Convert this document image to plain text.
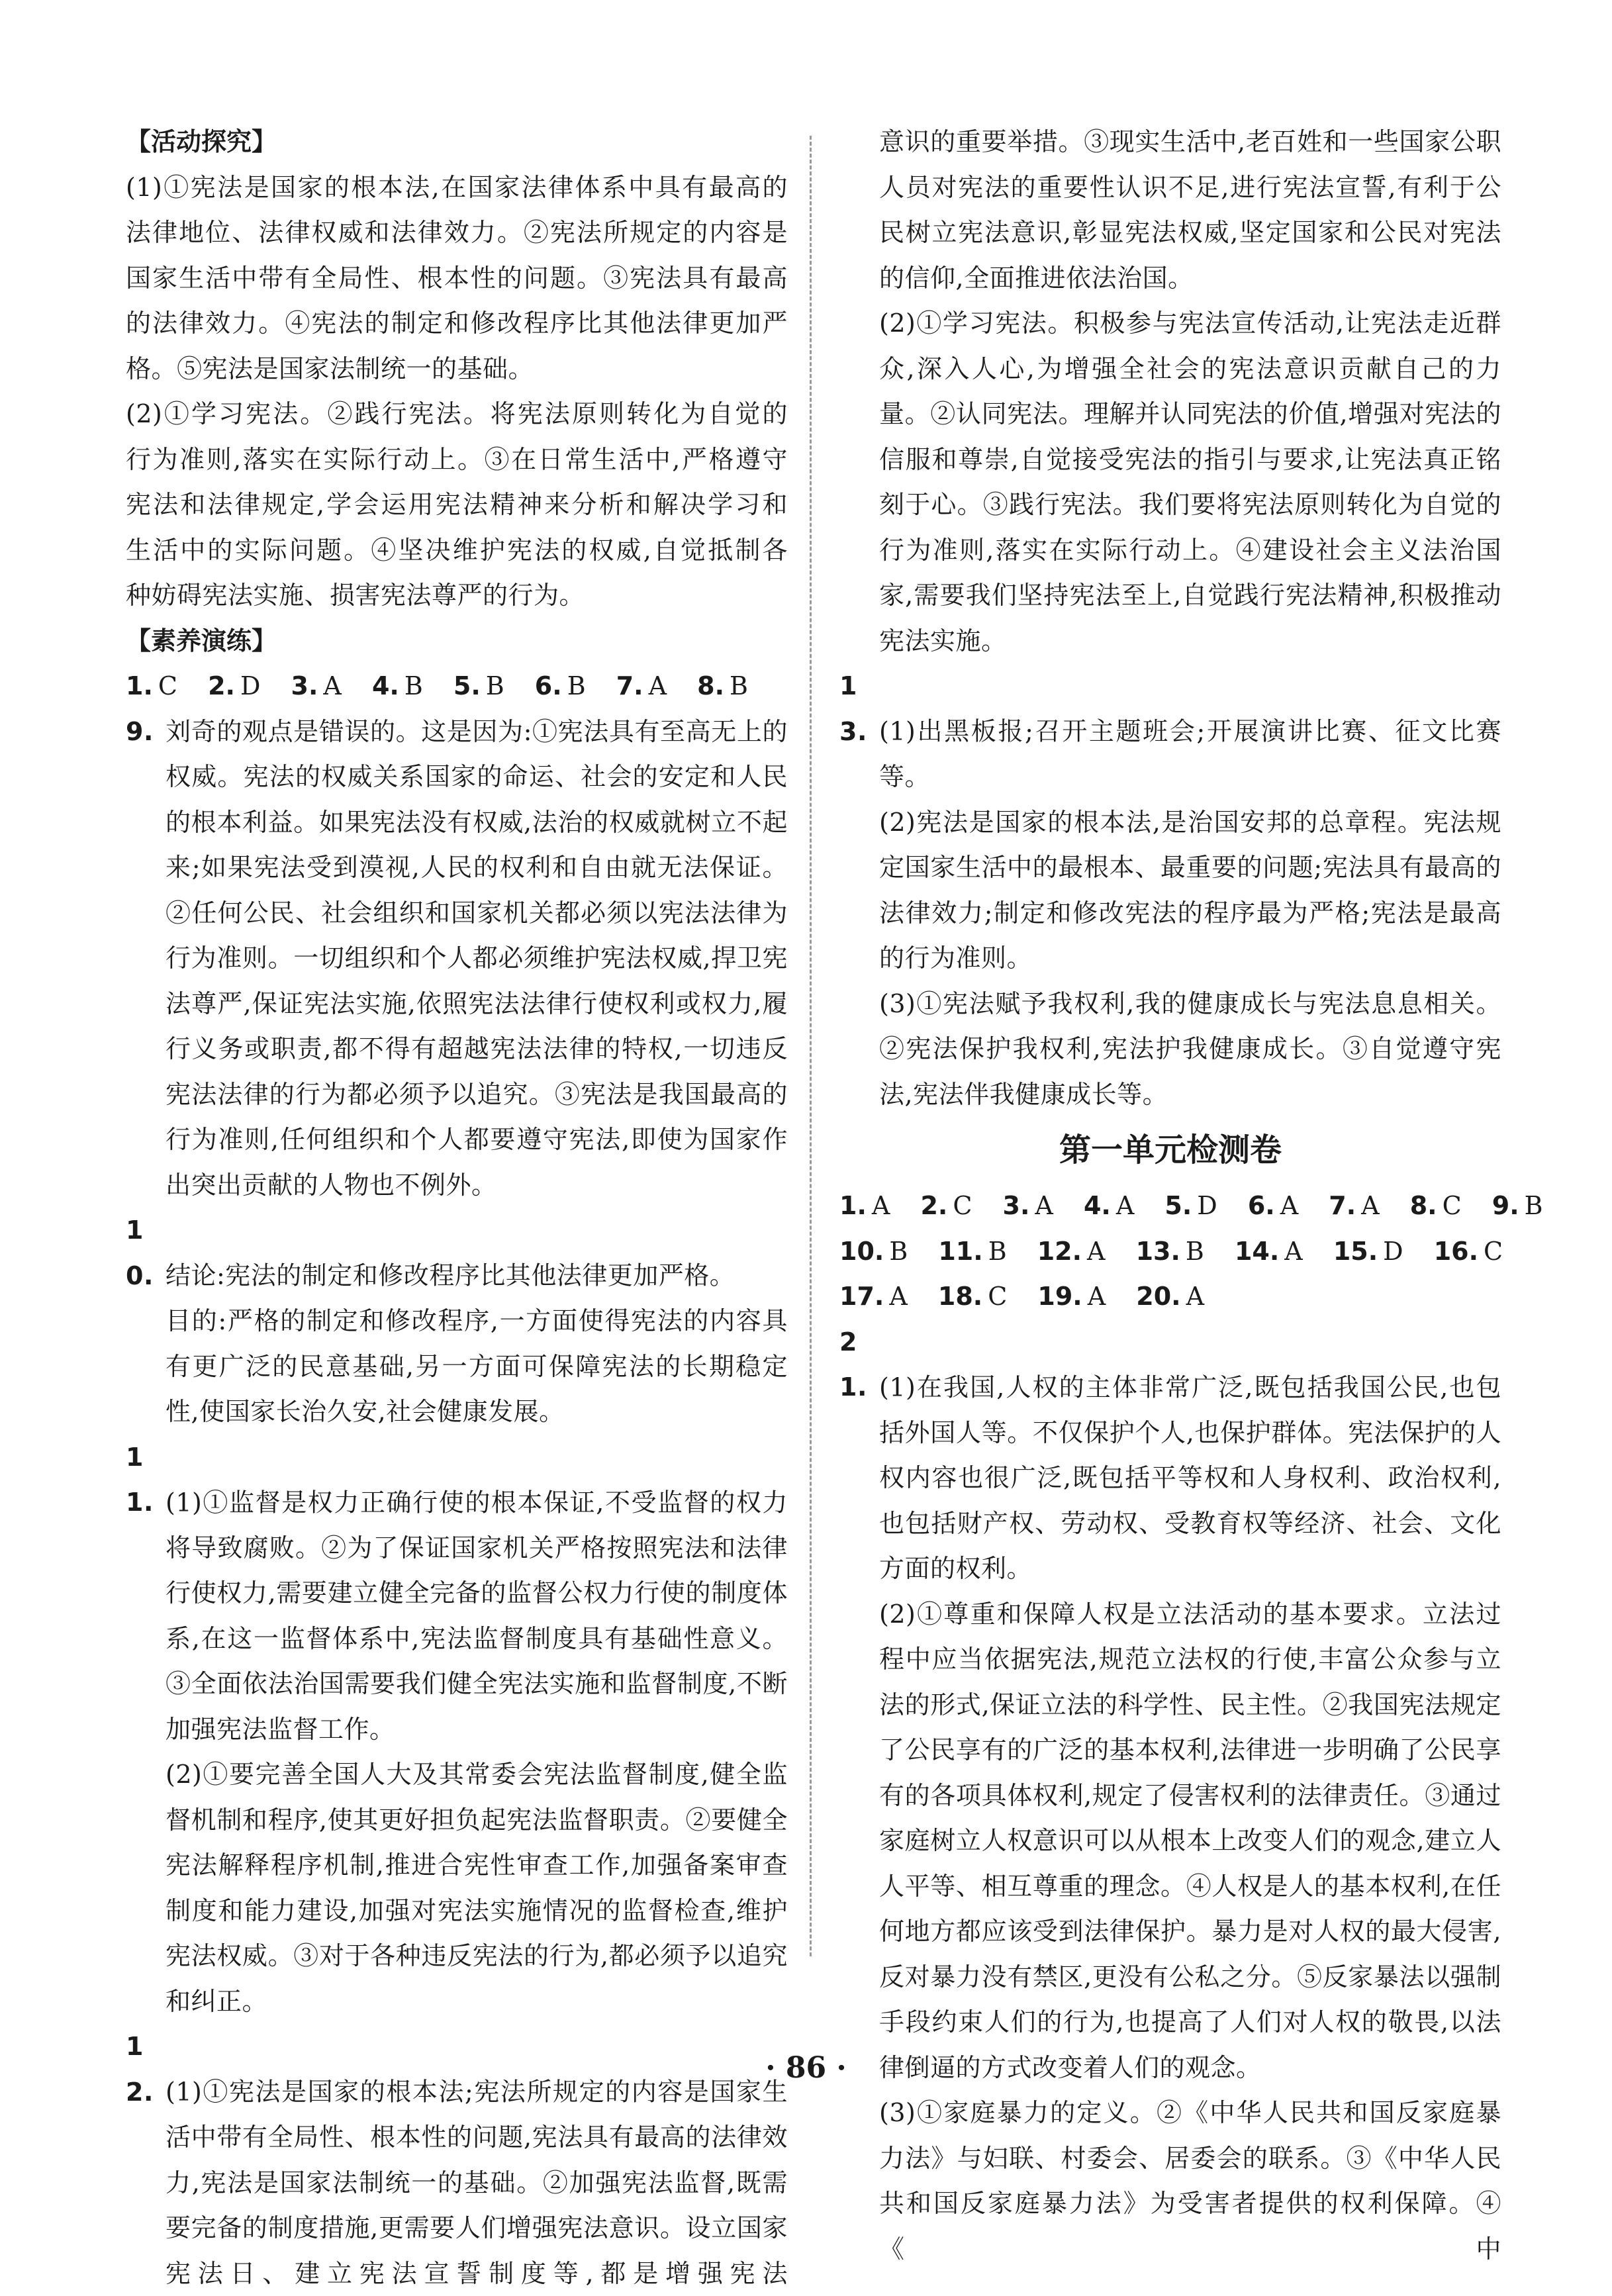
【活动探究】

(1)①宪法是国家的根本法,在国家法律体系中具有最高的

法律地位、法律权威和法律效力。②宪法所规定的内容是

国家生活中带有全局性、根本性的问题。③宪法具有最高

的法律效力。④宪法的制定和修改程序比其他法律更加严

格。⑤宪法是国家法制统一的基础。

(2)①学习宪法。②践行宪法。将宪法原则转化为自觉的

行为准则,落实在实际行动上。③在日常生活中,严格遵守

宪法和法律规定,学会运用宪法精神来分析和解决学习和

生活中的实际问题。④坚决维护宪法的权威,自觉抵制各

种妨碍宪法实施、损害宪法尊严的行为。

【素养演练】

1. C 2. D 3. A 4. B 5. B 6. B 7. A 8. B

9. 刘奇的观点是错误的。这是因为:①宪法具有至高无上的权威。宪法的权威关系国家的命运、社会的安定和人民的根本利益。如果宪法没有权威,法治的权威就树立不起来;如果宪法受到漠视,人民的权利和自由就无法保证。②任何公民、社会组织和国家机关都必须以宪法法律为行为准则。一切组织和个人都必须维护宪法权威,捍卫宪法尊严,保证宪法实施,依照宪法法律行使权利或权力,履行义务或职责,都不得有超越宪法法律的特权,一切违反宪法法律的行为都必须予以追究。③宪法是我国最高的行为准则,任何组织和个人都要遵守宪法,即使为国家作出突出贡献的人物也不例外。

10. 结论:宪法的制定和修改程序比其他法律更加严格。

目的:严格的制定和修改程序,一方面使得宪法的内容具有更广泛的民意基础,另一方面可保障宪法的长期稳定性,使国家长治久安,社会健康发展。

11. (1)①监督是权力正确行使的根本保证,不受监督的权力将导致腐败。②为了保证国家机关严格按照宪法和法律行使权力,需要建立健全完备的监督公权力行使的制度体系,在这一监督体系中,宪法监督制度具有基础性意义。③全面依法治国需要我们健全宪法实施和监督制度,不断加强宪法监督工作。

(2)①要完善全国人大及其常委会宪法监督制度,健全监督机制和程序,使其更好担负起宪法监督职责。②要健全宪法解释程序机制,推进合宪性审查工作,加强备案审查制度和能力建设,加强对宪法实施情况的监督检查,维护宪法权威。③对于各种违反宪法的行为,都必须予以追究和纠正。

12. (1)①宪法是国家的根本法;宪法所规定的内容是国家生活中带有全局性、根本性的问题,宪法具有最高的法律效力,宪法是国家法制统一的基础。②加强宪法监督,既需要完备的制度措施,更需要人们增强宪法意识。设立国家宪法日、建立宪法宣誓制度等,都是增强宪法

意识的重要举措。③现实生活中,老百姓和一些国家公职人员对宪法的重要性认识不足,进行宪法宣誓,有利于公民树立宪法意识,彰显宪法权威,坚定国家和公民对宪法的信仰,全面推进依法治国。

(2)①学习宪法。积极参与宪法宣传活动,让宪法走近群众,深入人心,为增强全社会的宪法意识贡献自己的力量。②认同宪法。理解并认同宪法的价值,增强对宪法的信服和尊崇,自觉接受宪法的指引与要求,让宪法真正铭刻于心。③践行宪法。我们要将宪法原则转化为自觉的行为准则,落实在实际行动上。④建设社会主义法治国家,需要我们坚持宪法至上,自觉践行宪法精神,积极推动宪法实施。

13. (1)出黑板报;召开主题班会;开展演讲比赛、征文比赛等。

(2)宪法是国家的根本法,是治国安邦的总章程。宪法规定国家生活中的最根本、最重要的问题;宪法具有最高的法律效力;制定和修改宪法的程序最为严格;宪法是最高的行为准则。

(3)①宪法赋予我权利,我的健康成长与宪法息息相关。②宪法保护我权利,宪法护我健康成长。③自觉遵守宪法,宪法伴我健康成长等。

第一单元检测卷

1. A 2. C 3. A 4. A 5. D 6. A 7. A 8. C 9. B

10. B 11. B 12. A 13. B 14. A 15. D 16. C

17. A 18. C 19. A 20. A

21. (1)在我国,人权的主体非常广泛,既包括我国公民,也包括外国人等。不仅保护个人,也保护群体。宪法保护的人权内容也很广泛,既包括平等权和人身权利、政治权利,也包括财产权、劳动权、受教育权等经济、社会、文化方面的权利。

(2)①尊重和保障人权是立法活动的基本要求。立法过程中应当依据宪法,规范立法权的行使,丰富公众参与立法的形式,保证立法的科学性、民主性。②我国宪法规定了公民享有的广泛的基本权利,法律进一步明确了公民享有的各项具体权利,规定了侵害权利的法律责任。③通过家庭树立人权意识可以从根本上改变人们的观念,建立人人平等、相互尊重的理念。④人权是人的基本权利,在任何地方都应该受到法律保护。暴力是对人权的最大侵害,反对暴力没有禁区,更没有公私之分。⑤反家暴法以强制手段约束人们的行为,也提高了人们对人权的敬畏,以法律倒逼的方式改变着人们的观念。

(3)①家庭暴力的定义。②《中华人民共和国反家庭暴力法》与妇联、村委会、居委会的联系。③《中华人民共和国反家庭暴力法》为受害者提供的权利保障。④《中

· 86 ·
